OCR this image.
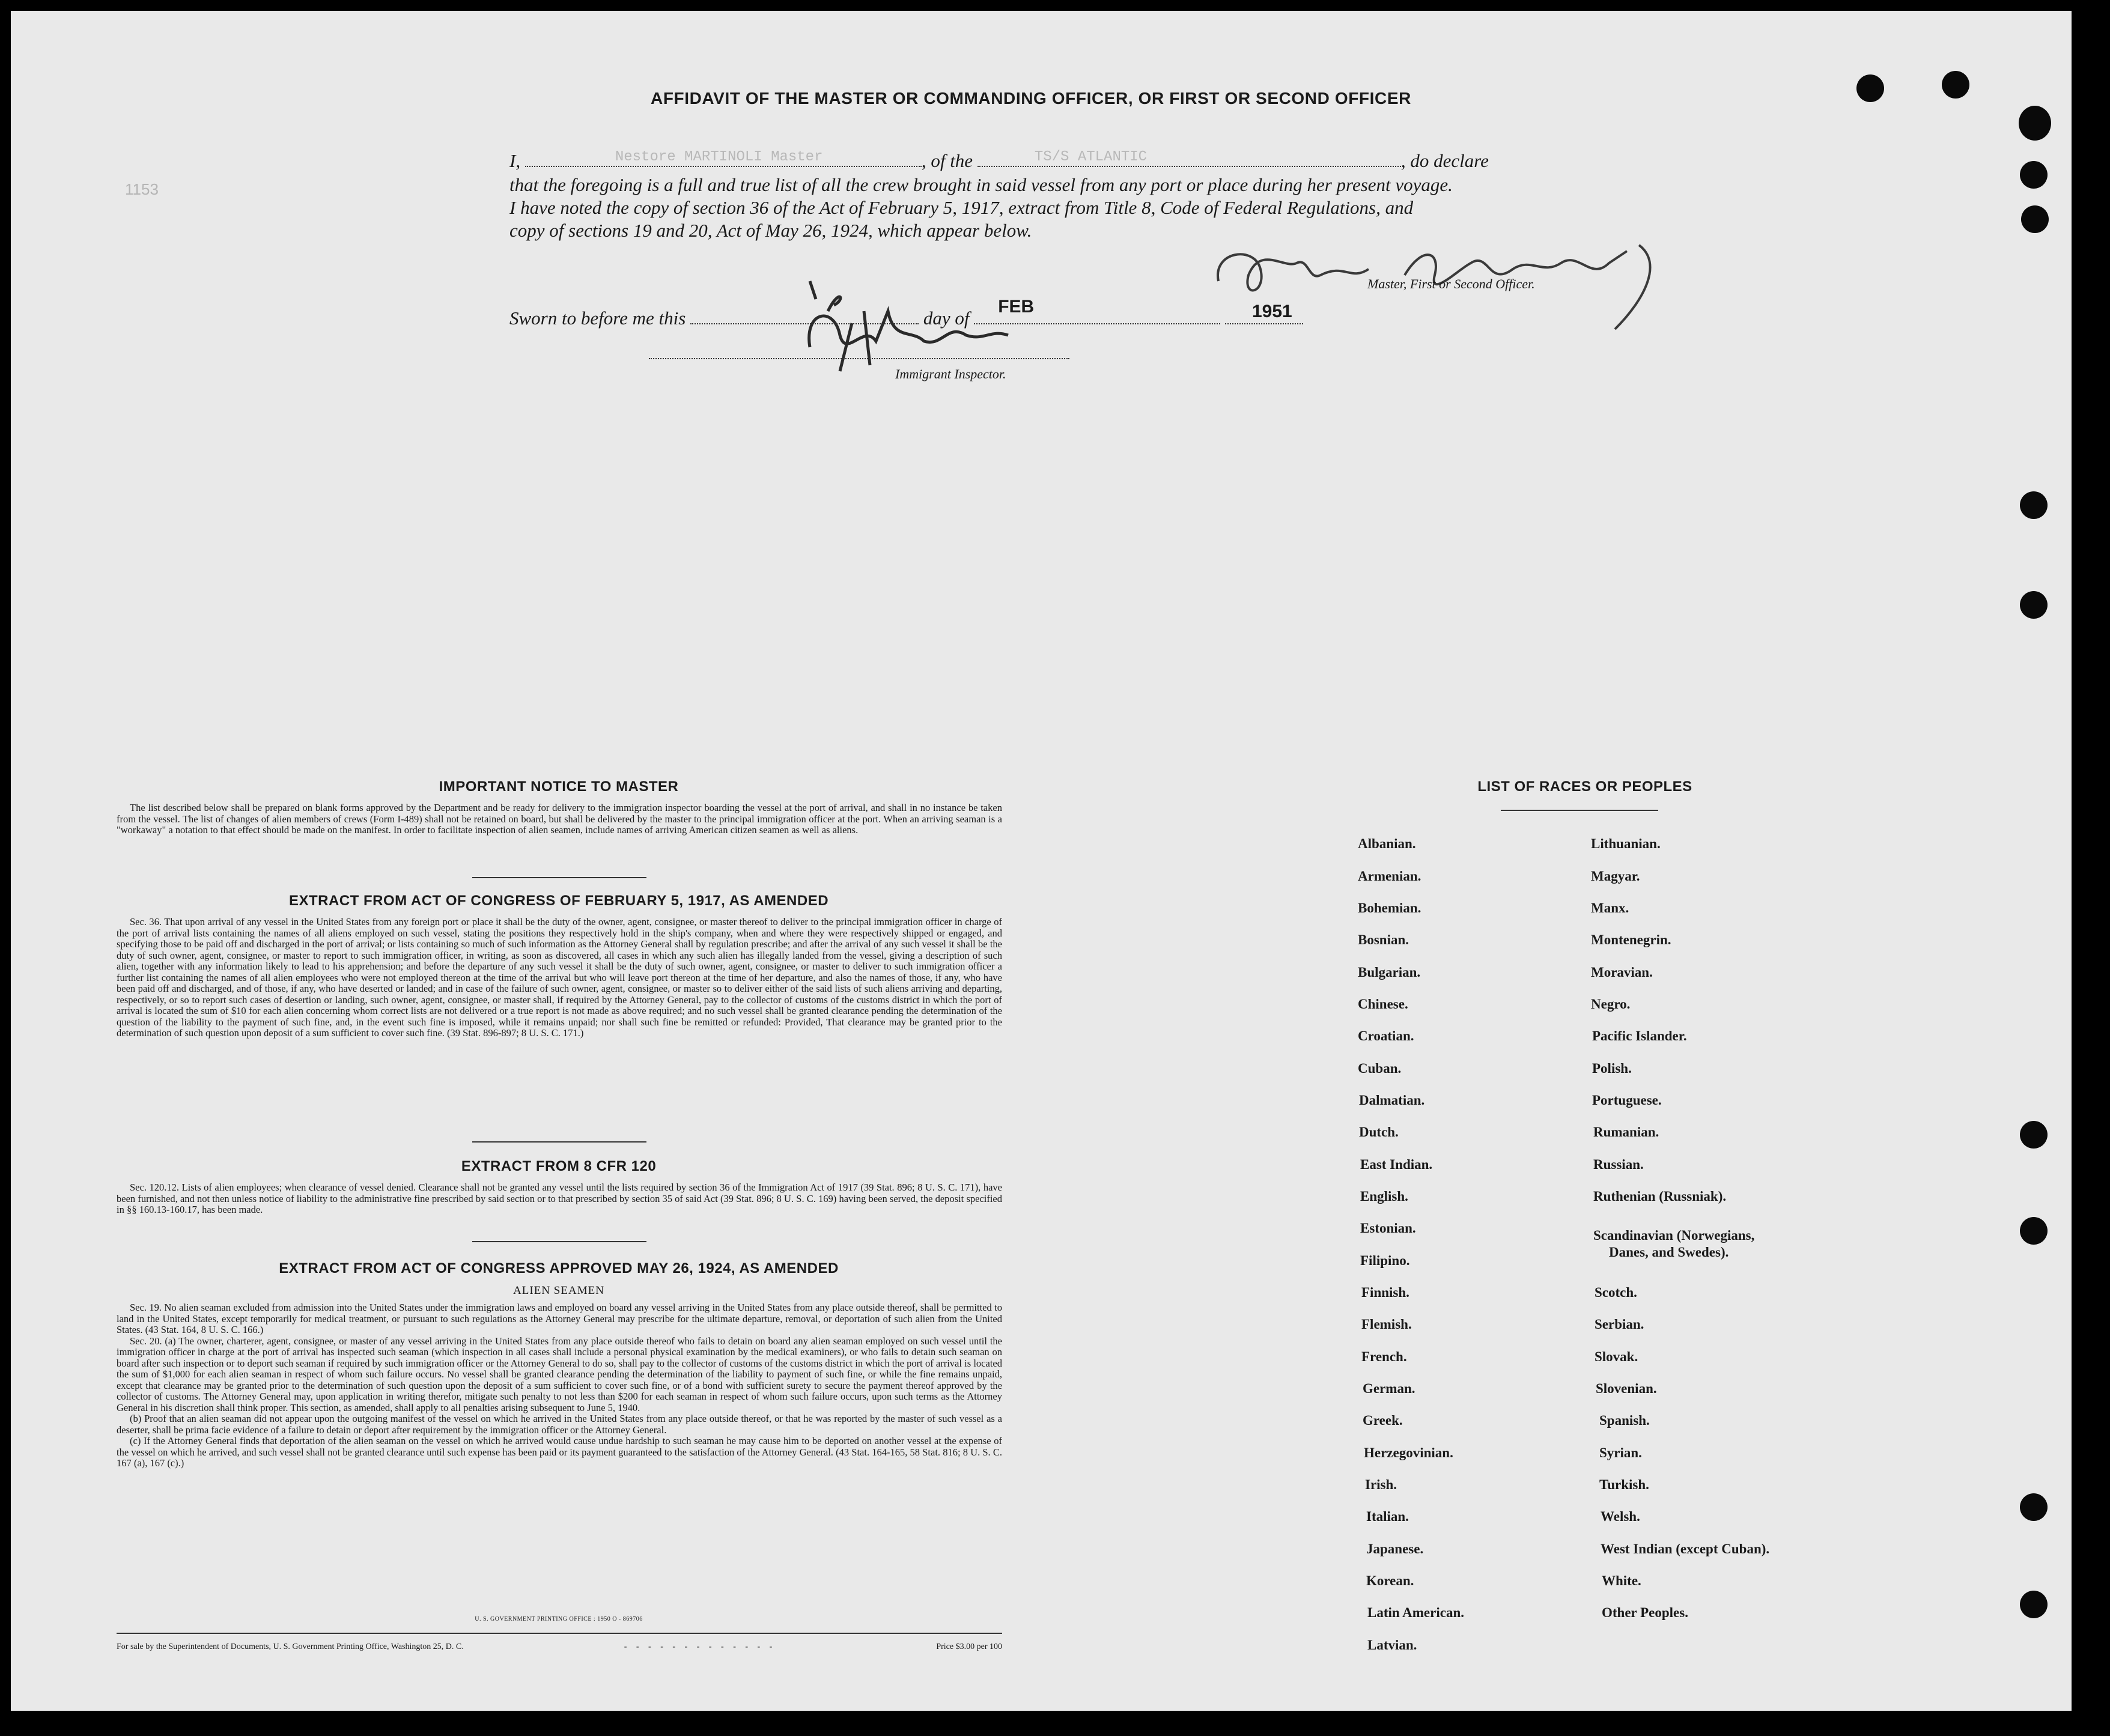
1153
AFFIDAVIT OF THE MASTER OR COMMANDING OFFICER, OR FIRST OR SECOND OFFICER
I,	Nestore MARTINOLI Master	, of the	TS/S ATLANTIC	, do declare
that the foregoing is a full and true list of all the crew brought in said vessel from any port or place during her present voyage.
I have noted the copy of section 36 of the Act of February 5, 1917, extract from Title 8, Code of Federal Regulations, and
copy of sections 19 and 20, Act of May 26, 1924, which appear below.
Master, First or Second Officer.
Sworn to before me this	day of
FEB
	1951
Immigrant Inspector.
IMPORTANT NOTICE TO MASTER
The list described below shall be prepared on blank forms approved by the Department and be ready for delivery to the immigration inspector boarding the vessel at the port of arrival, and shall in no instance be taken from the vessel. The list of changes of alien members of crews (Form I-489) shall not be retained on board, but shall be delivered by the master to the principal immigration officer at the port. When an arriving seaman is a "workaway" a notation to that effect should be made on the manifest. In order to facilitate inspection of alien seamen, include names of arriving American citizen seamen as well as aliens.
EXTRACT FROM ACT OF CONGRESS OF FEBRUARY 5, 1917, AS AMENDED
Sec. 36. That upon arrival of any vessel in the United States from any foreign port or place it shall be the duty of the owner, agent, consignee, or master thereof to deliver to the principal immigration officer in charge of the port of arrival lists containing the names of all aliens employed on such vessel, stating the positions they respectively hold in the ship's company, when and where they were respectively shipped or engaged, and specifying those to be paid off and discharged in the port of arrival; or lists containing so much of such information as the Attorney General shall by regulation prescribe; and after the arrival of any such vessel it shall be the duty of such owner, agent, consignee, or master to report to such immigration officer, in writing, as soon as discovered, all cases in which any such alien has illegally landed from the vessel, giving a description of such alien, together with any information likely to lead to his apprehension; and before the departure of any such vessel it shall be the duty of such owner, agent, consignee, or master to deliver to such immigration officer a further list containing the names of all alien employees who were not employed thereon at the time of the arrival but who will leave port thereon at the time of her departure, and also the names of those, if any, who have been paid off and discharged, and of those, if any, who have deserted or landed; and in case of the failure of such owner, agent, consignee, or master so to deliver either of the said lists of such aliens arriving and departing, respectively, or so to report such cases of desertion or landing, such owner, agent, consignee, or master shall, if required by the Attorney General, pay to the collector of customs of the customs district in which the port of arrival is located the sum of $10 for each alien concerning whom correct lists are not delivered or a true report is not made as above required; and no such vessel shall be granted clearance pending the determination of the question of the liability to the payment of such fine, and, in the event such fine is imposed, while it remains unpaid; nor shall such fine be remitted or refunded: Provided, That clearance may be granted prior to the determination of such question upon deposit of a sum sufficient to cover such fine. (39 Stat. 896-897; 8 U. S. C. 171.)
EXTRACT FROM 8 CFR 120
Sec. 120.12. Lists of alien employees; when clearance of vessel denied. Clearance shall not be granted any vessel until the lists required by section 36 of the Immigration Act of 1917 (39 Stat. 896; 8 U. S. C. 171), have been furnished, and not then unless notice of liability to the administrative fine prescribed by said section or to that prescribed by section 35 of said Act (39 Stat. 896; 8 U. S. C. 169) having been served, the deposit specified in §§ 160.13-160.17, has been made.
EXTRACT FROM ACT OF CONGRESS APPROVED MAY 26, 1924, AS AMENDED
ALIEN SEAMEN
Sec. 19. No alien seaman excluded from admission into the United States under the immigration laws and employed on board any vessel arriving in the United States from any place outside thereof, shall be permitted to land in the United States, except temporarily for medical treatment, or pursuant to such regulations as the Attorney General may prescribe for the ultimate departure, removal, or deportation of such alien from the United States. (43 Stat. 164, 8 U. S. C. 166.)
Sec. 20. (a) The owner, charterer, agent, consignee, or master of any vessel arriving in the United States from any place outside thereof who fails to detain on board any alien seaman employed on such vessel until the immigration officer in charge at the port of arrival has inspected such seaman (which inspection in all cases shall include a personal physical examination by the medical examiners), or who fails to detain such seaman on board after such inspection or to deport such seaman if required by such immigration officer or the Attorney General to do so, shall pay to the collector of customs of the customs district in which the port of arrival is located the sum of $1,000 for each alien seaman in respect of whom such failure occurs. No vessel shall be granted clearance pending the determination of the liability to payment of such fine, or while the fine remains unpaid, except that clearance may be granted prior to the determination of such question upon the deposit of a sum sufficient to cover such fine, or of a bond with sufficient surety to secure the payment thereof approved by the collector of customs. The Attorney General may, upon application in writing therefor, mitigate such penalty to not less than $200 for each seaman in respect of whom such failure occurs, upon such terms as the Attorney General in his discretion shall think proper. This section, as amended, shall apply to all penalties arising subsequent to June 5, 1940.
(b) Proof that an alien seaman did not appear upon the outgoing manifest of the vessel on which he arrived in the United States from any place outside thereof, or that he was reported by the master of such vessel as a deserter, shall be prima facie evidence of a failure to detain or deport after requirement by the immigration officer or the Attorney General.
(c) If the Attorney General finds that deportation of the alien seaman on the vessel on which he arrived would cause undue hardship to such seaman he may cause him to be deported on another vessel at the expense of the vessel on which he arrived, and such vessel shall not be granted clearance until such expense has been paid or its payment guaranteed to the satisfaction of the Attorney General. (43 Stat. 164-165, 58 Stat. 816; 8 U. S. C. 167 (a), 167 (c).)
U. S. GOVERNMENT PRINTING OFFICE : 1950 O - 869706
For sale by the Superintendent of Documents, U. S. Government Printing Office, Washington 25, D. C.	- - - - - - - - - - - - -	Price $3.00 per 100
LIST OF RACES OR PEOPLES
Albanian.
Armenian.
Bohemian.
Bosnian.
Bulgarian.
Chinese.
Croatian.
Cuban.
Dalmatian.
Dutch.
East Indian.
English.
Estonian.
Filipino.
Finnish.
Flemish.
French.
German.
Greek.
Herzegovinian.
Irish.
Italian.
Japanese.
Korean.
Latin American.
Latvian.
Lithuanian.
Magyar.
Manx.
Montenegrin.
Moravian.
Negro.
Pacific Islander.
Polish.
Portuguese.
Rumanian.
Russian.
Ruthenian (Russniak).
Scandinavian (Norwegians,
Danes, and Swedes).
Scotch.
Serbian.
Slovak.
Slovenian.
Spanish.
Syrian.
Turkish.
Welsh.
West Indian (except Cuban).
White.
Other Peoples.
